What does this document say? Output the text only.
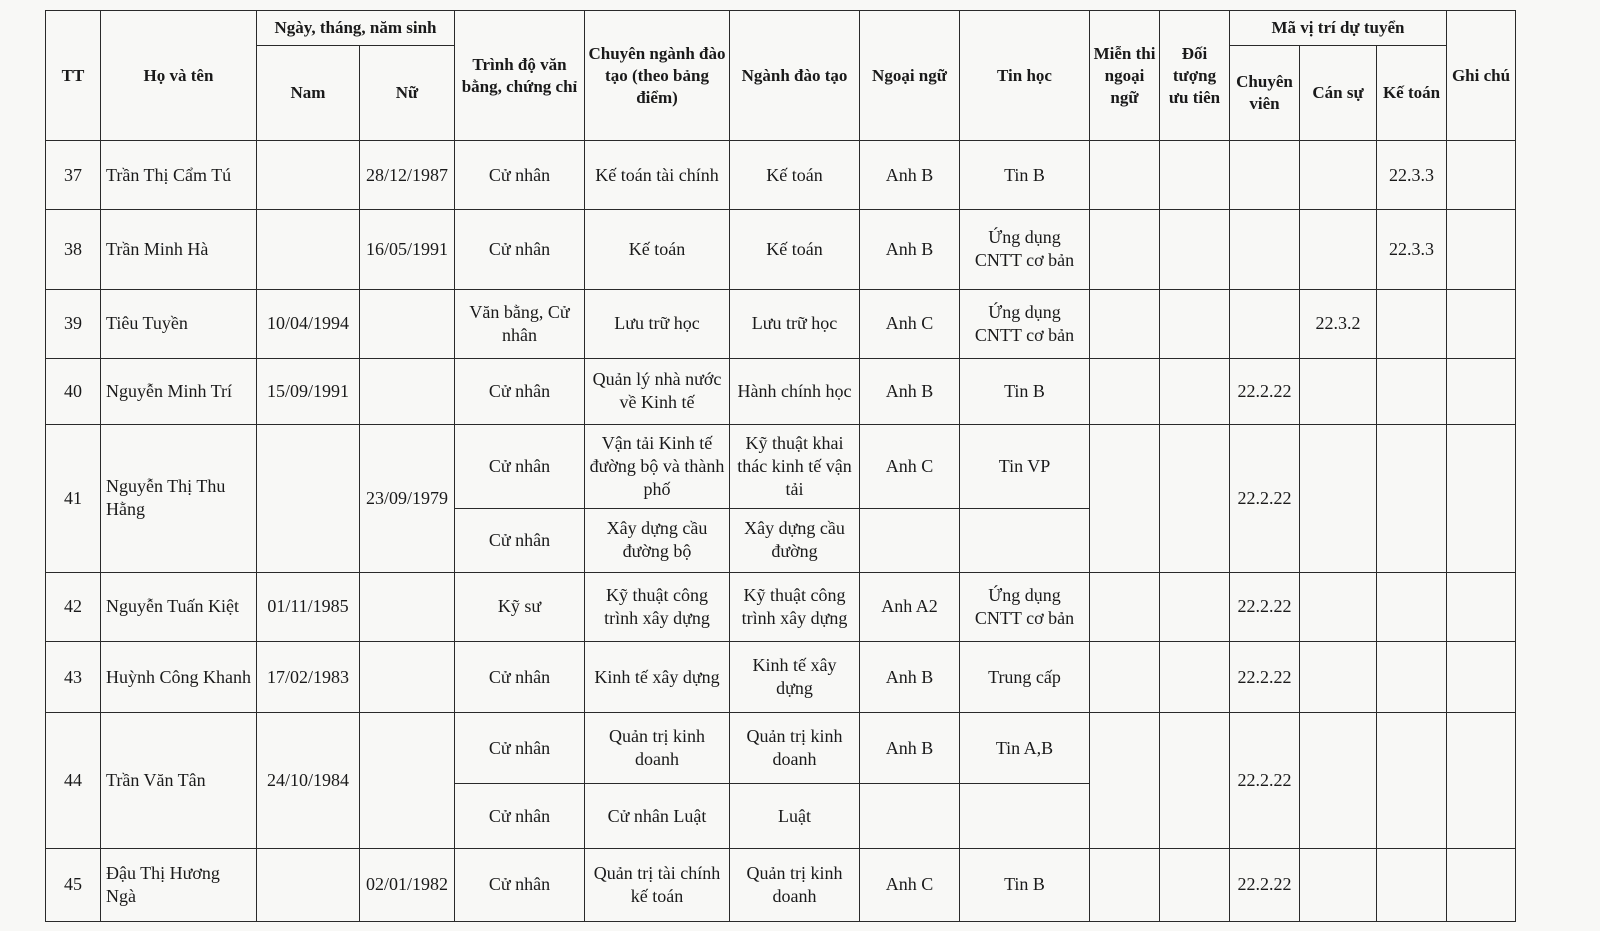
TT	Họ và tên	Ngày, tháng, năm sinh		Trình độ văn bằng, chứng chỉ	Chuyên ngành đào tạo (theo bảng điểm)	Ngành đào tạo	Ngoại ngữ	Tin học	Miễn thi ngoại ngữ	Đối tượng ưu tiên	Mã vị trí dự tuyển			Ghi chú
		Nam	Nữ								Chuyên viên	Cán sự	Kế toán	
37	Trần Thị Cẩm Tú		28/12/1987	Cử nhân	Kế toán tài chính	Kế toán	Anh B	Tin B					22.3.3	
38	Trần Minh Hà		16/05/1991	Cử nhân	Kế toán	Kế toán	Anh B	Ứng dụng CNTT cơ bản					22.3.3	
39	Tiêu Tuyền	10/04/1994		Văn bằng, Cử nhân	Lưu trữ học	Lưu trữ học	Anh C	Ứng dụng CNTT cơ bản				22.3.2		
40	Nguyễn Minh Trí	15/09/1991		Cử nhân	Quản lý nhà nước về Kinh tế	Hành chính học	Anh B	Tin B			22.2.22			
41	Nguyễn Thị Thu Hằng		23/09/1979	Cử nhân	Vận tải Kinh tế đường bộ và thành phố	Kỹ thuật khai thác kinh tế vận tải	Anh C	Tin VP			22.2.22			
				Cử nhân	Xây dựng cầu đường bộ	Xây dựng cầu đường								
42	Nguyễn Tuấn Kiệt	01/11/1985		Kỹ sư	Kỹ thuật công trình xây dựng	Kỹ thuật công trình xây dựng	Anh A2	Ứng dụng CNTT cơ bản			22.2.22			
43	Huỳnh Công Khanh	17/02/1983		Cử nhân	Kinh tế xây dựng	Kinh tế xây dựng	Anh B	Trung cấp			22.2.22			
44	Trần Văn Tân	24/10/1984		Cử nhân	Quản trị kinh doanh	Quản trị kinh doanh	Anh B	Tin A,B			22.2.22			
				Cử nhân	Cử nhân Luật	Luật								
45	Đậu Thị Hương Ngà		02/01/1982	Cử nhân	Quản trị tài chính kế toán	Quản trị kinh doanh	Anh C	Tin B			22.2.22			
